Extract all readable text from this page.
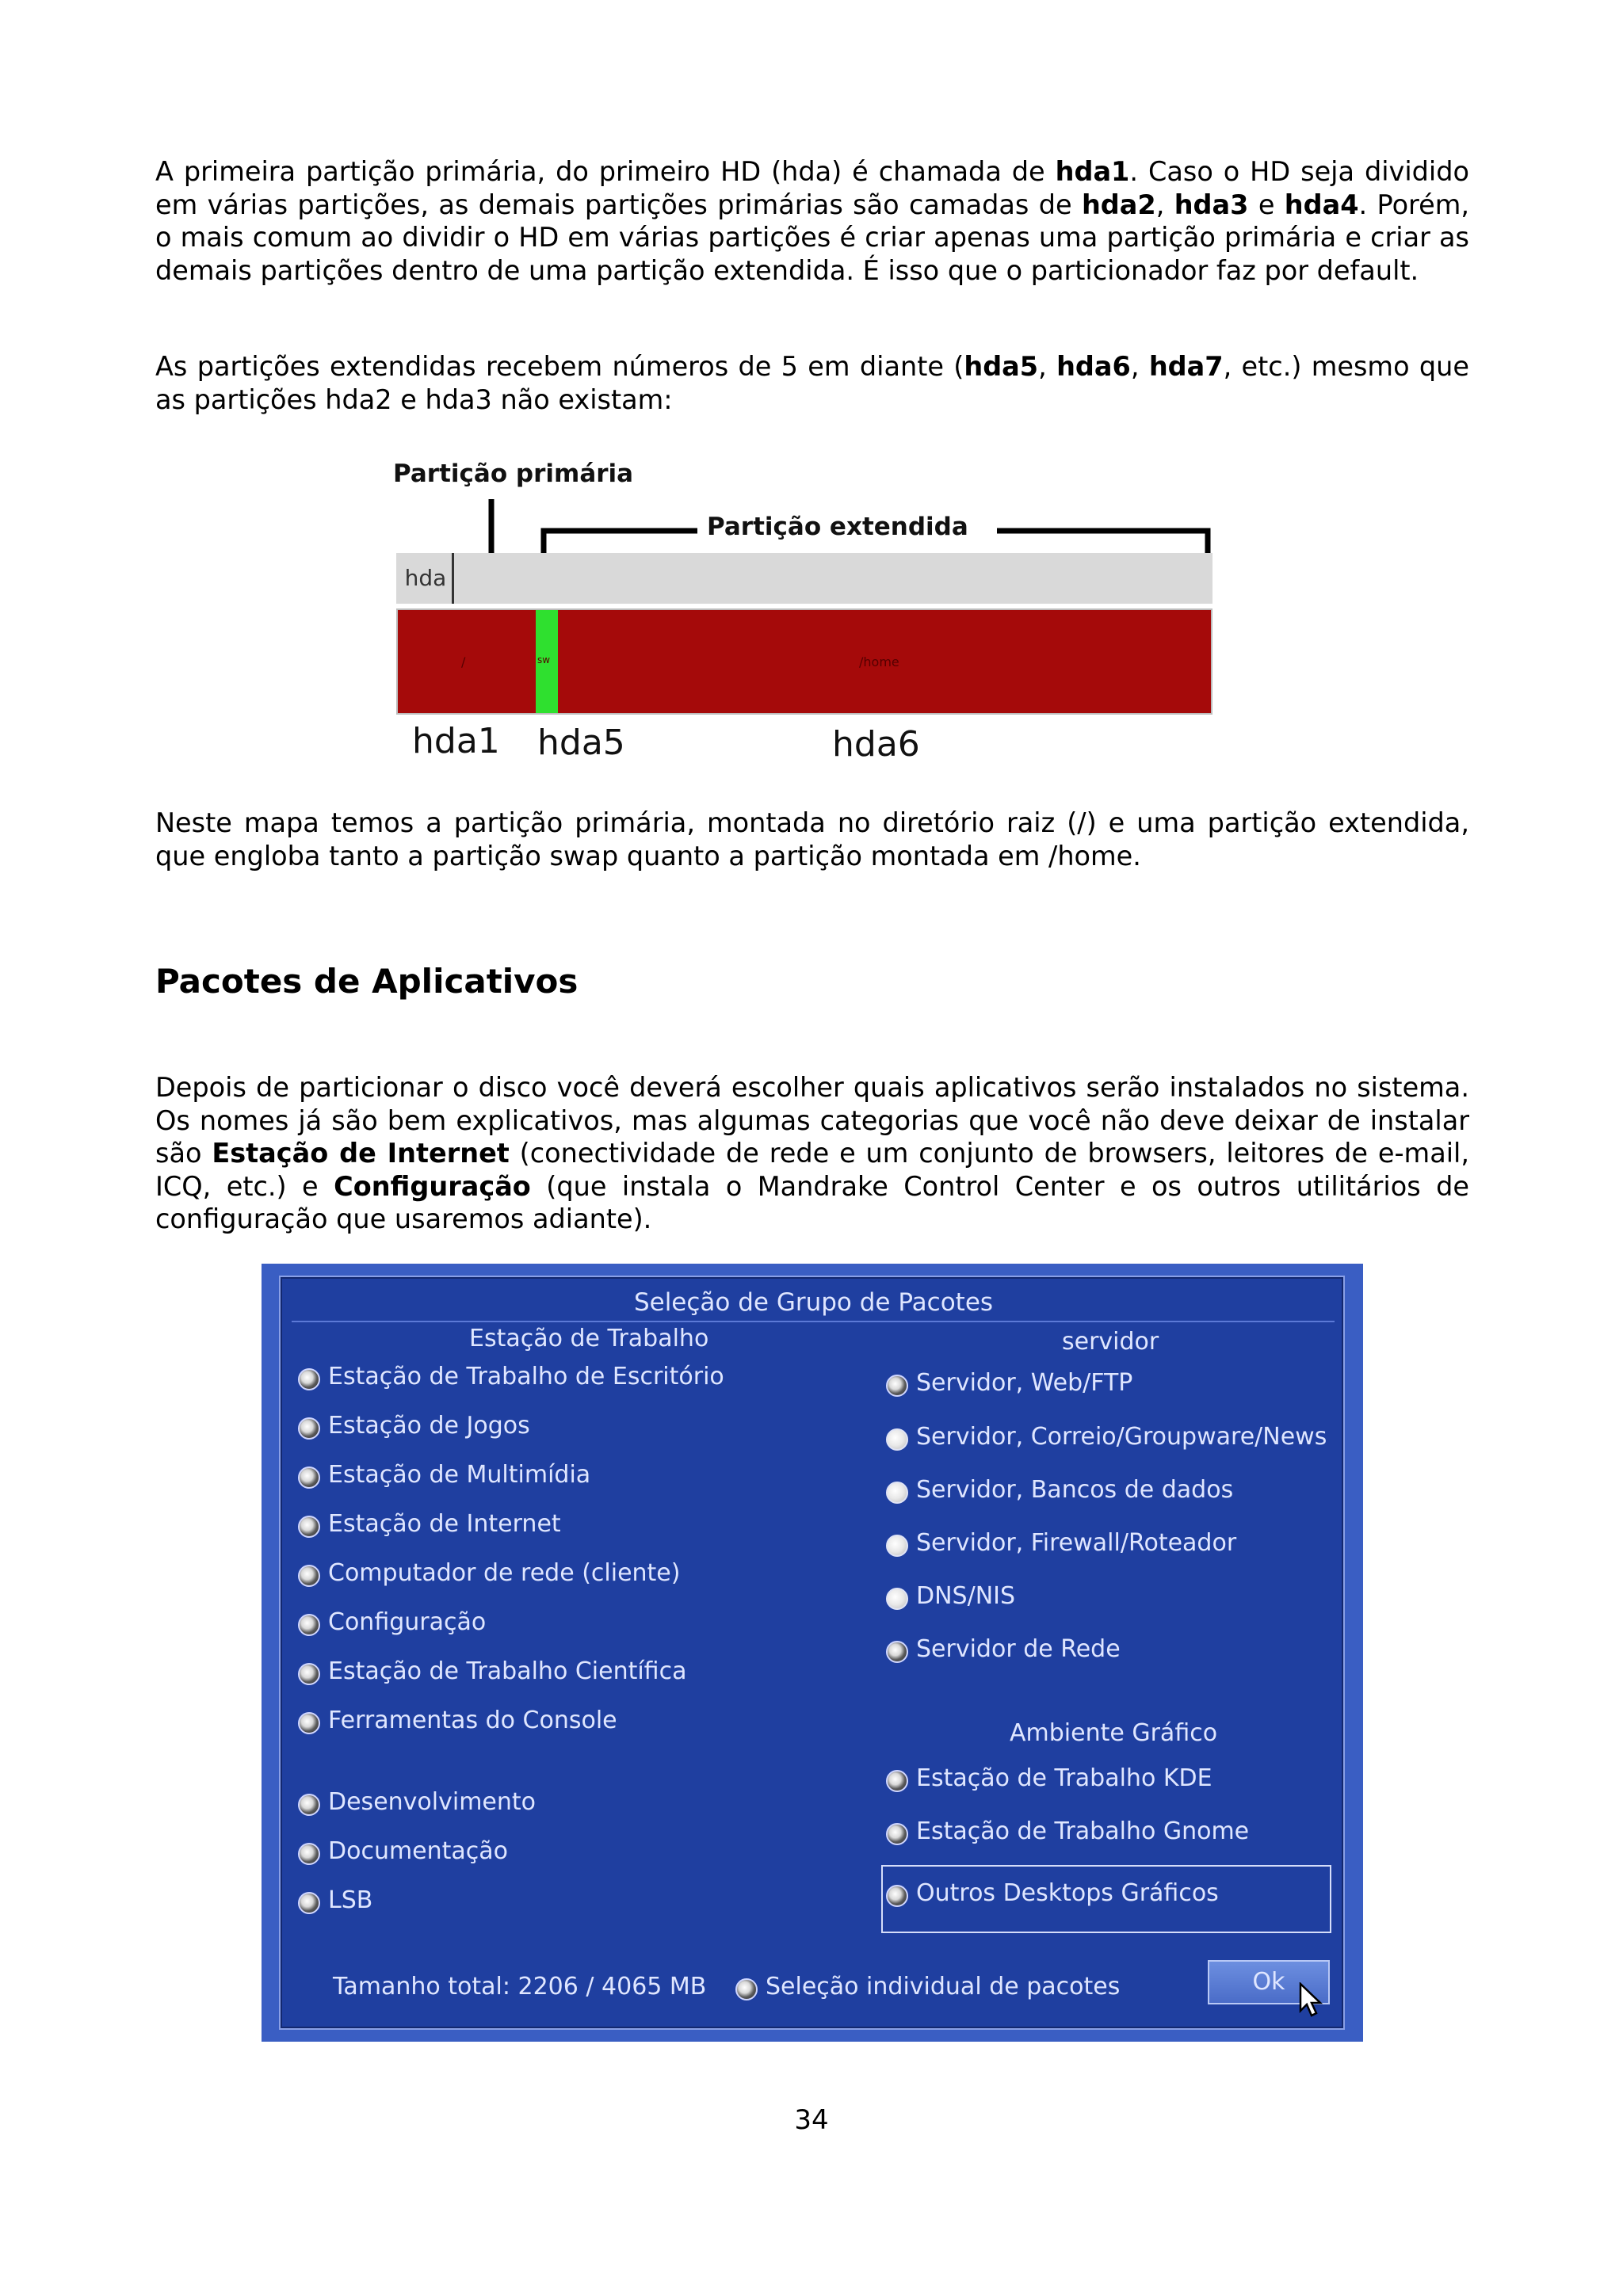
A primeira partição primária, do primeiro HD (hda) é chamada de hda1. Caso o HD seja dividido em várias partições, as demais partições primárias são camadas de hda2, hda3 e hda4. Porém, o mais comum ao dividir o HD em várias partições é criar apenas uma partição primária e criar as demais partições dentro de uma partição extendida. É isso que o particionador faz por default.

As partições extendidas recebem números de 5 em diante (hda5, hda6, hda7, etc.) mesmo que as partições hda2 e hda3 não existam:

Partição primária
Partição extendida
hda
/	sw	/home
hda1 hda5	hda6

Neste mapa temos a partição primária, montada no diretório raiz (/) e uma partição extendida, que engloba tanto a partição swap quanto a partição montada em /home.

Pacotes de Aplicativos

Depois de particionar o disco você deverá escolher quais aplicativos serão instalados no sistema. Os nomes já são bem explicativos, mas algumas categorias que você não deve deixar de instalar são Estação de Internet (conectividade de rede e um conjunto de browsers, leitores de e-mail, ICQ, etc.) e Configuração (que instala o Mandrake Control Center e os outros utilitários de configuração que usaremos adiante).

Seleção de Grupo de Pacotes
Estação de Trabalho	servidor
Estação de Trabalho de Escritório
Estação de Jogos
Estação de Multimídia
Estação de Internet
Computador de rede (cliente)
Configuração
Estação de Trabalho Científica
Ferramentas do Console
Desenvolvimento
Documentação
LSB
Servidor, Web/FTP
Servidor, Correio/Groupware/News
Servidor, Bancos de dados
Servidor, Firewall/Roteador
DNS/NIS
Servidor de Rede
Ambiente Gráfico
Estação de Trabalho KDE
Estação de Trabalho Gnome
Outros Desktops Gráficos
Tamanho total: 2206 / 4065 MB Seleção individual de pacotes	Ok
34
